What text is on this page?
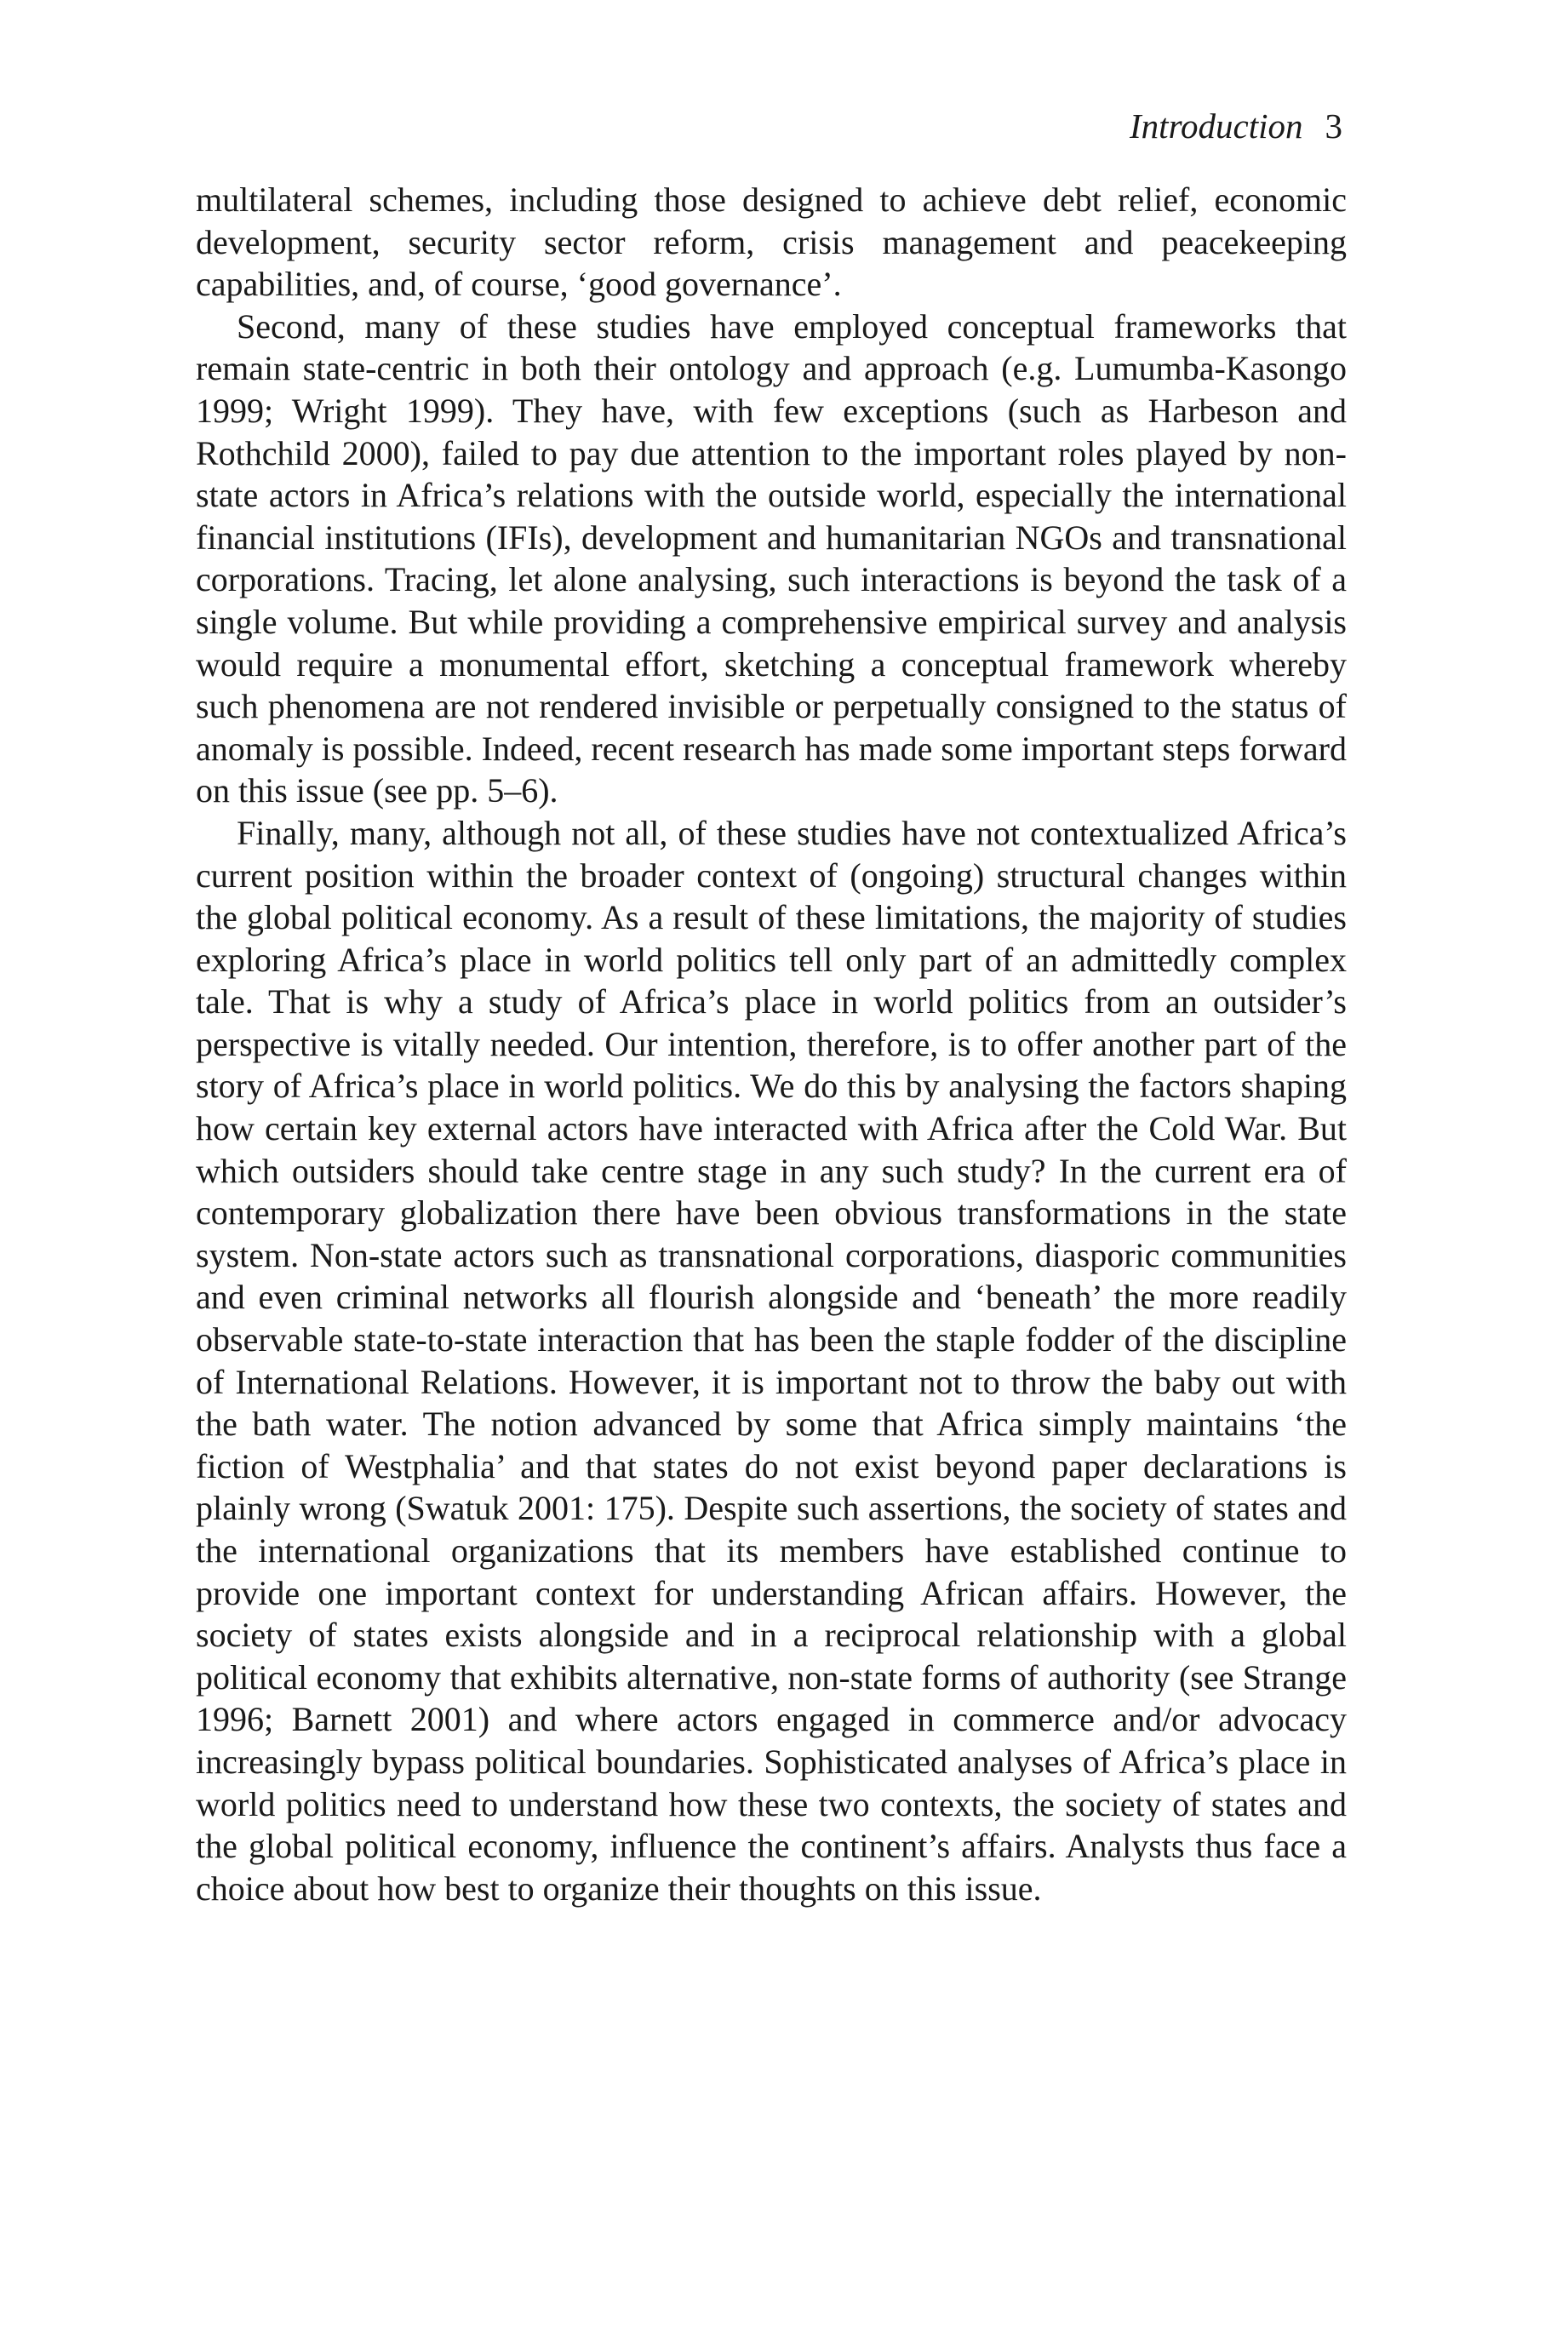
Introduction 3

multilateral schemes, including those designed to achieve debt relief, economic development, security sector reform, crisis management and peacekeeping capabilities, and, of course, ‘good governance’.

Second, many of these studies have employed conceptual frameworks that remain state-centric in both their ontology and approach (e.g. Lumumba-Kasongo 1999; Wright 1999). They have, with few exceptions (such as Harbeson and Rothchild 2000), failed to pay due attention to the important roles played by non-state actors in Africa’s relations with the outside world, especially the international financial institutions (IFIs), development and humanitarian NGOs and transnational corporations. Tracing, let alone analysing, such interactions is beyond the task of a single volume. But while providing a comprehensive empirical survey and analysis would require a monumental effort, sketching a conceptual framework whereby such phenomena are not rendered invisible or perpetually consigned to the status of anomaly is possible. Indeed, recent research has made some important steps forward on this issue (see pp. 5–6).

Finally, many, although not all, of these studies have not contextualized Africa’s current position within the broader context of (ongoing) structural changes within the global political economy. As a result of these limitations, the majority of studies exploring Africa’s place in world politics tell only part of an admittedly complex tale. That is why a study of Africa’s place in world politics from an outsider’s perspective is vitally needed. Our intention, therefore, is to offer another part of the story of Africa’s place in world politics. We do this by analysing the factors shaping how certain key external actors have interacted with Africa after the Cold War. But which outsiders should take centre stage in any such study? In the current era of contemporary globalization there have been obvious transformations in the state system. Non-state actors such as transnational corporations, diasporic communities and even criminal networks all flourish alongside and ‘beneath’ the more readily observable state-to-state interaction that has been the staple fodder of the discipline of International Relations. However, it is important not to throw the baby out with the bath water. The notion advanced by some that Africa simply maintains ‘the fiction of Westphalia’ and that states do not exist beyond paper declarations is plainly wrong (Swatuk 2001: 175). Despite such assertions, the society of states and the international organizations that its members have established continue to provide one important context for understanding African affairs. However, the society of states exists alongside and in a reciprocal relationship with a global political economy that exhibits alternative, non-state forms of authority (see Strange 1996; Barnett 2001) and where actors engaged in commerce and/or advocacy increasingly bypass political boundaries. Sophisticated analyses of Africa’s place in world politics need to understand how these two contexts, the society of states and the global political economy, influence the continent’s affairs. Analysts thus face a choice about how best to organize their thoughts on this issue.
